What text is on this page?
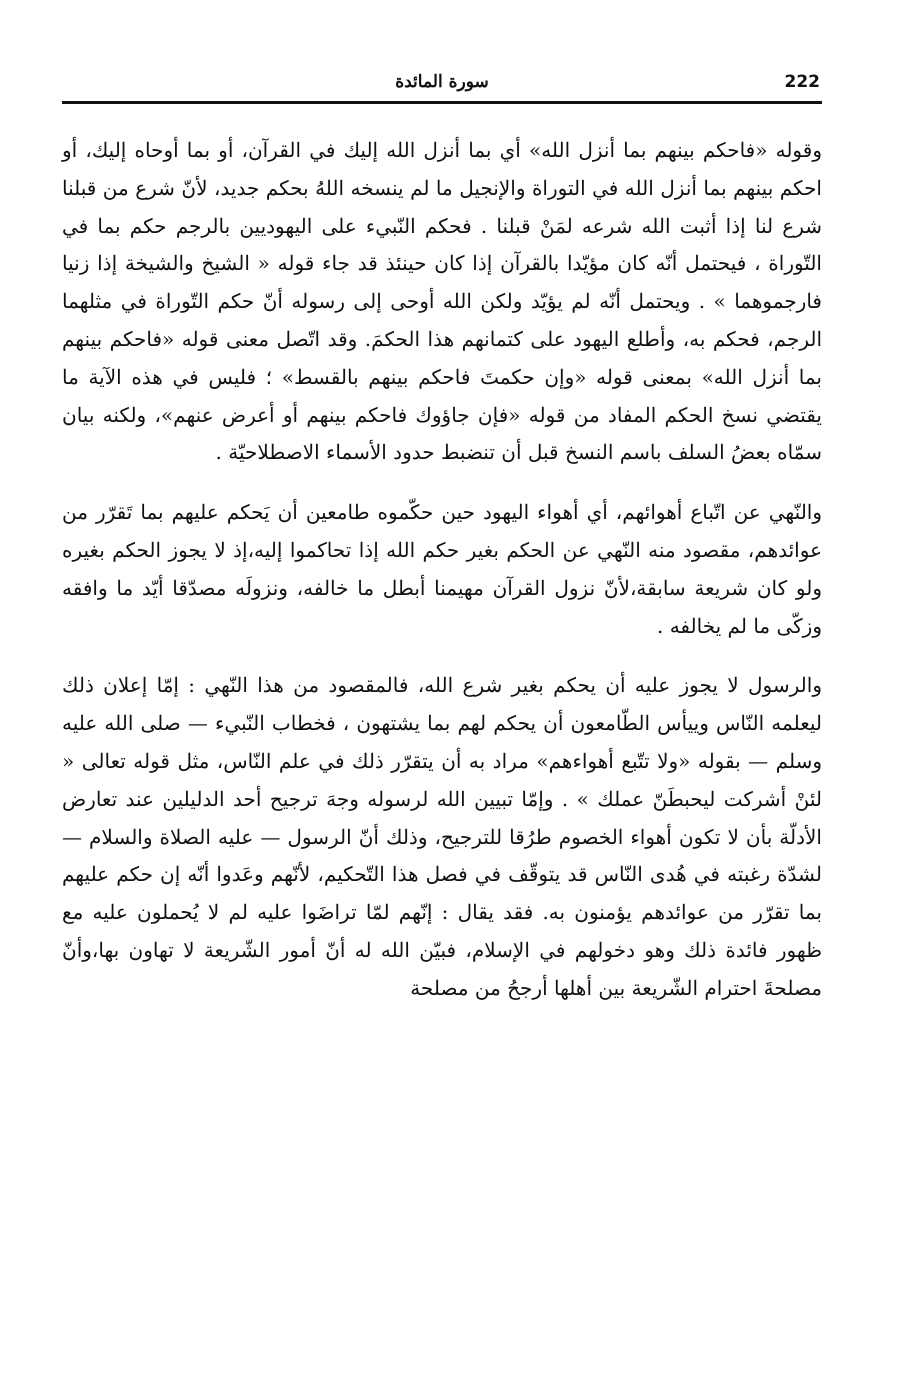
222
سورة المائدة

وقوله «فاحكم بينهم بما أنزل الله» أي بما أنزل الله إليك في القرآن، أو بما أوحاه إليك، أو احكم بينهم بما أنزل الله في التوراة والإنجيل ما لم ينسخه اللهُ بحكم جديد، لأنّ شرع من قبلنا شرع لنا إذا أثبت الله شرعه لمَنْ قبلنا . فحكم النّبيء على اليهوديين بالرجم حكم بما في التّوراة ، فيحتمل أنّه كان مؤيّدا بالقرآن إذا كان حينئذ قد جاء قوله « الشيخ والشيخة إذا زنيا فارجموهما » . ويحتمل أنّه لم يؤيّد ولكن الله أوحى إلى رسوله أنّ حكم التّوراة في مثلهما الرجم، فحكم به، وأطلع اليهود على كتمانهم هذا الحكمَ. وقد اتّصل معنى قوله «فاحكم بينهم بما أنزل الله» بمعنى قوله «وإن حكمتَ فاحكم بينهم بالقسط» ؛ فليس في هذه الآية ما يقتضي نسخ الحكم المفاد من قوله «فإن جاؤوك فاحكم بينهم أو أعرض عنهم»، ولكنه بيان سمّاه بعضُ السلف باسم النسخ قبل أن تنضبط حدود الأسماء الاصطلاحيّة .

والنّهي عن اتّباع أهوائهم، أي أهواء اليهود حين حكّموه طامعين أن يَحكم عليهم بما تَقرّر من عوائدهم، مقصود منه النّهي عن الحكم بغير حكم الله إذا تحاكموا إليه،إذ لا يجوز الحكم بغيره ولو كان شريعة سابقة،لأنّ نزول القرآن مهيمنا أبطل ما خالفه، ونزولَه مصدّقا أيّد ما وافقه وزكّى ما لم يخالفه .

والرسول لا يجوز عليه أن يحكم بغير شرع الله، فالمقصود من هذا النّهي : إمّا إعلان ذلك ليعلمه النّاس وييأس الطّامعون أن يحكم لهم بما يشتهون ، فخطاب النّبيء — صلى الله عليه وسلم — بقوله «ولا تتّبع أهواءهم» مراد به أن يتقرّر ذلك في علم النّاس، مثل قوله تعالى « لئنْ أشركت ليحبطَنّ عملك » . وإمّا تبيين الله لرسوله وجهَ ترجيح أحد الدليلين عند تعارض الأدلّة بأن لا تكون أهواء الخصوم طرُقا للترجيح، وذلك أنّ الرسول — عليه الصلاة والسلام — لشدّة رغبته في هُدى النّاس قد يتوقّف في فصل هذا التّحكيم، لأنّهم وعَدوا أنّه إن حكم عليهم بما تقرّر من عوائدهم يؤمنون به. فقد يقال : إنّهم لمّا تراضَوا عليه لم لا يُحملون عليه مع ظهور فائدة ذلك وهو دخولهم في الإسلام، فبيّن الله له أنّ أمور الشّريعة لا تهاون بها،وأنّ مصلحةَ احترام الشّريعة بين أهلها أرجحُ من مصلحة
